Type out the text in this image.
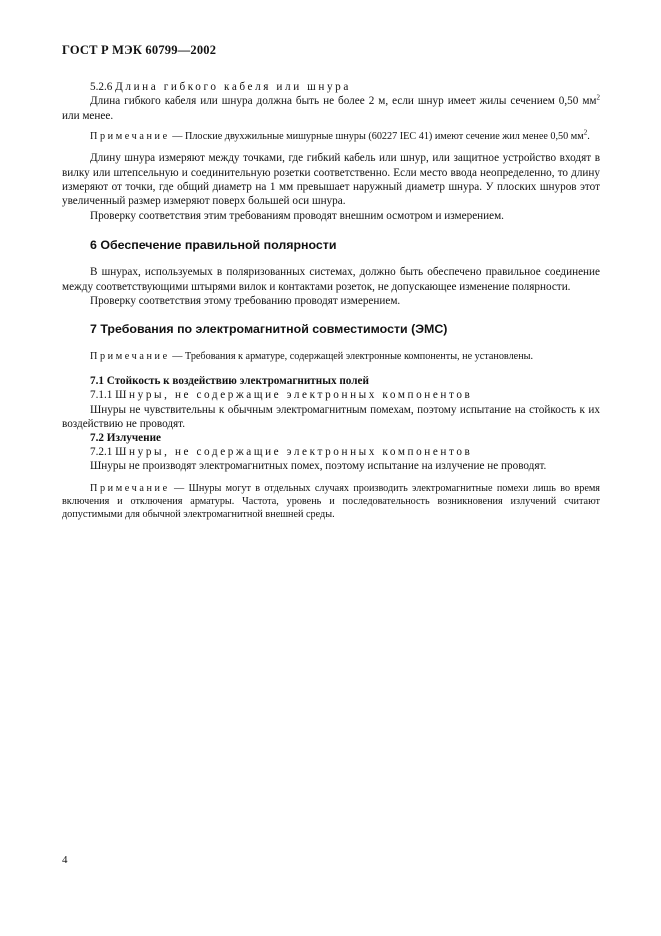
ГОСТ Р МЭК 60799—2002

5.2.6 Длина гибкого кабеля или шнура

Длина гибкого кабеля или шнура должна быть не более 2 м, если шнур имеет жилы сечением 0,50 $мм^2$ или менее.

Примечание — Плоские двухжильные мишурные шнуры (60227 IEC 41) имеют сечение жил менее 0,50 $мм^2$.

Длину шнура измеряют между точками, где гибкий кабель или шнур, или защитное устройство входят в вилку или штепсельную и соединительную розетки соответственно. Если место ввода неопределенно, то длину измеряют от точки, где общий диаметр на 1 мм превышает наружный диаметр шнура. У плоских шнуров этот увеличенный размер измеряют поверх большей оси шнура.

Проверку соответствия этим требованиям проводят внешним осмотром и измерением.

6 Обеспечение правильной полярности

В шнурах, используемых в поляризованных системах, должно быть обеспечено правильное соединение между соответствующими штырями вилок и контактами розеток, не допускающее изменение полярности.

Проверку соответствия этому требованию проводят измерением.

7 Требования по электромагнитной совместимости (ЭМС)

Примечание — Требования к арматуре, содержащей электронные компоненты, не установлены.

7.1 Стойкость к воздействию электромагнитных полей

7.1.1 Шнуры, не содержащие электронных компонентов

Шнуры не чувствительны к обычным электромагнитным помехам, поэтому испытание на стойкость к их воздействию не проводят.

7.2 Излучение

7.2.1 Шнуры, не содержащие электронных компонентов

Шнуры не производят электромагнитных помех, поэтому испытание на излучение не проводят.

Примечание — Шнуры могут в отдельных случаях производить электромагнитные помехи лишь во время включения и отключения арматуры. Частота, уровень и последовательность возникновения излучений считают допустимыми для обычной электромагнитной внешней среды.

4
